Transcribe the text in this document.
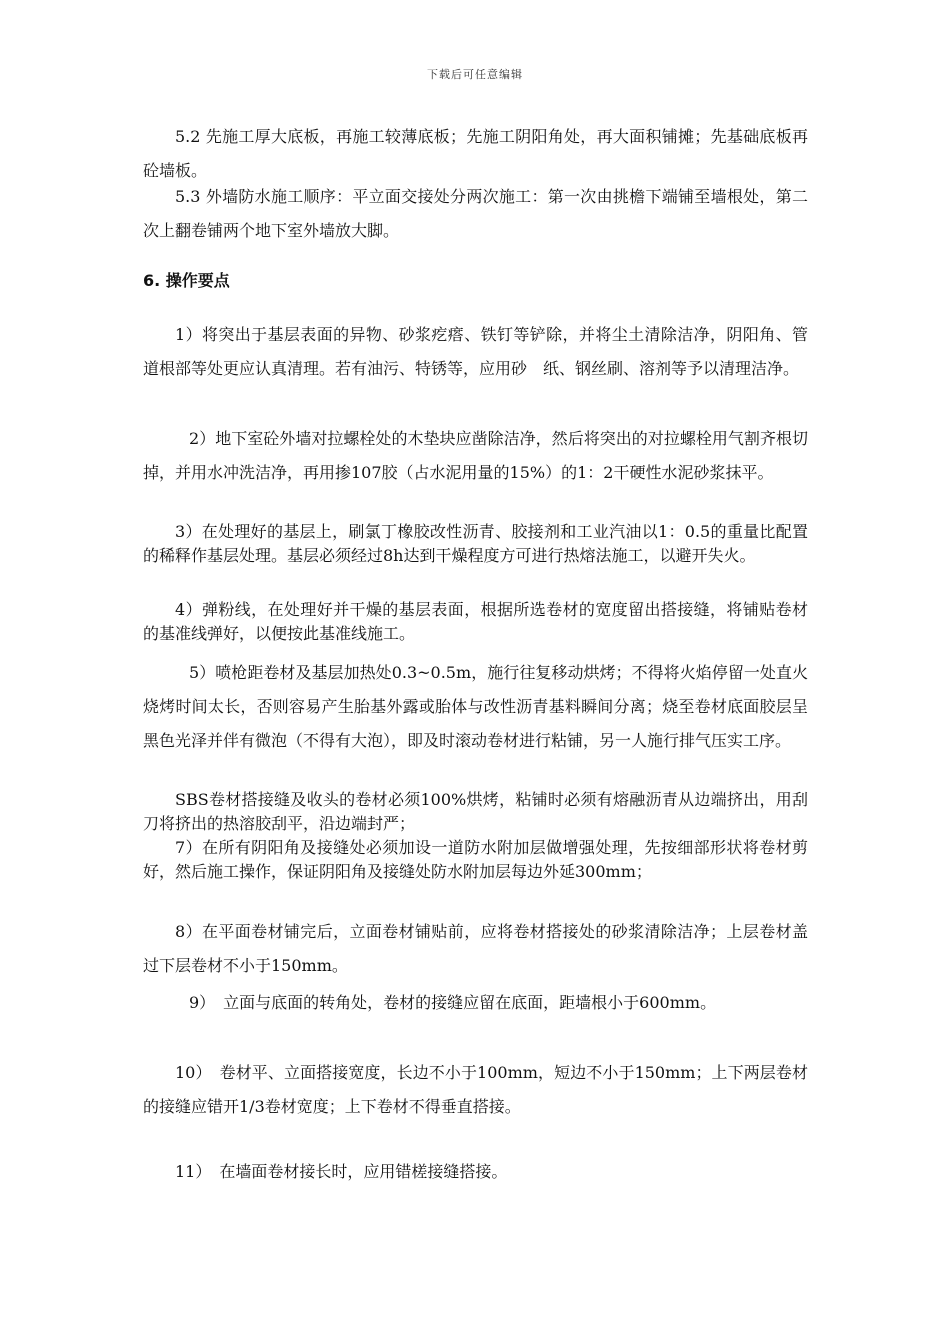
下载后可任意编辑

5.2 先施工厚大底板，再施工较薄底板；先施工阴阳角处，再大面积铺摊；先基础底板再砼墙板。

5.3 外墙防水施工顺序：平立面交接处分两次施工：第一次由挑檐下端铺至墙根处，第二次上翻卷铺两个地下室外墙放大脚。

6. 操作要点

1）将突出于基层表面的异物、砂浆疙瘩、铁钉等铲除，并将尘土清除洁净，阴阳角、管道根部等处更应认真清理。若有油污、特锈等，应用砂　纸、钢丝刷、溶剂等予以清理洁净。

2）地下室砼外墙对拉螺栓处的木垫块应凿除洁净，然后将突出的对拉螺栓用气割齐根切掉，并用水冲洗洁净，再用掺107胶（占水泥用量的15%）的1：2干硬性水泥砂浆抹平。

3）在处理好的基层上，刷氯丁橡胶改性沥青、胶接剂和工业汽油以1：0.5的重量比配置的稀释作基层处理。基层必须经过8h达到干燥程度方可进行热熔法施工，以避开失火。

4）弹粉线，在处理好并干燥的基层表面，根据所选卷材的宽度留出搭接缝，将铺贴卷材的基准线弹好，以便按此基准线施工。

5）喷枪距卷材及基层加热处0.3~0.5m，施行往复移动烘烤；不得将火焰停留一处直火烧烤时间太长，否则容易产生胎基外露或胎体与改性沥青基料瞬间分离；烧至卷材底面胶层呈黑色光泽并伴有微泡（不得有大泡），即及时滚动卷材进行粘铺，另一人施行排气压实工序。

SBS卷材搭接缝及收头的卷材必须100%烘烤，粘铺时必须有熔融沥青从边端挤出，用刮刀将挤出的热溶胶刮平，沿边端封严；

7）在所有阴阳角及接缝处必须加设一道防水附加层做增强处理，先按细部形状将卷材剪好，然后施工操作，保证阴阳角及接缝处防水附加层每边外延300mm；

8）在平面卷材铺完后，立面卷材铺贴前，应将卷材搭接处的砂浆清除洁净；上层卷材盖过下层卷材不小于150mm。

9）　立面与底面的转角处，卷材的接缝应留在底面，距墙根小于600mm。

10）　卷材平、立面搭接宽度，长边不小于100mm，短边不小于150mm；上下两层卷材的接缝应错开1/3卷材宽度；上下卷材不得垂直搭接。

11）　在墙面卷材接长时，应用错槎接缝搭接。
